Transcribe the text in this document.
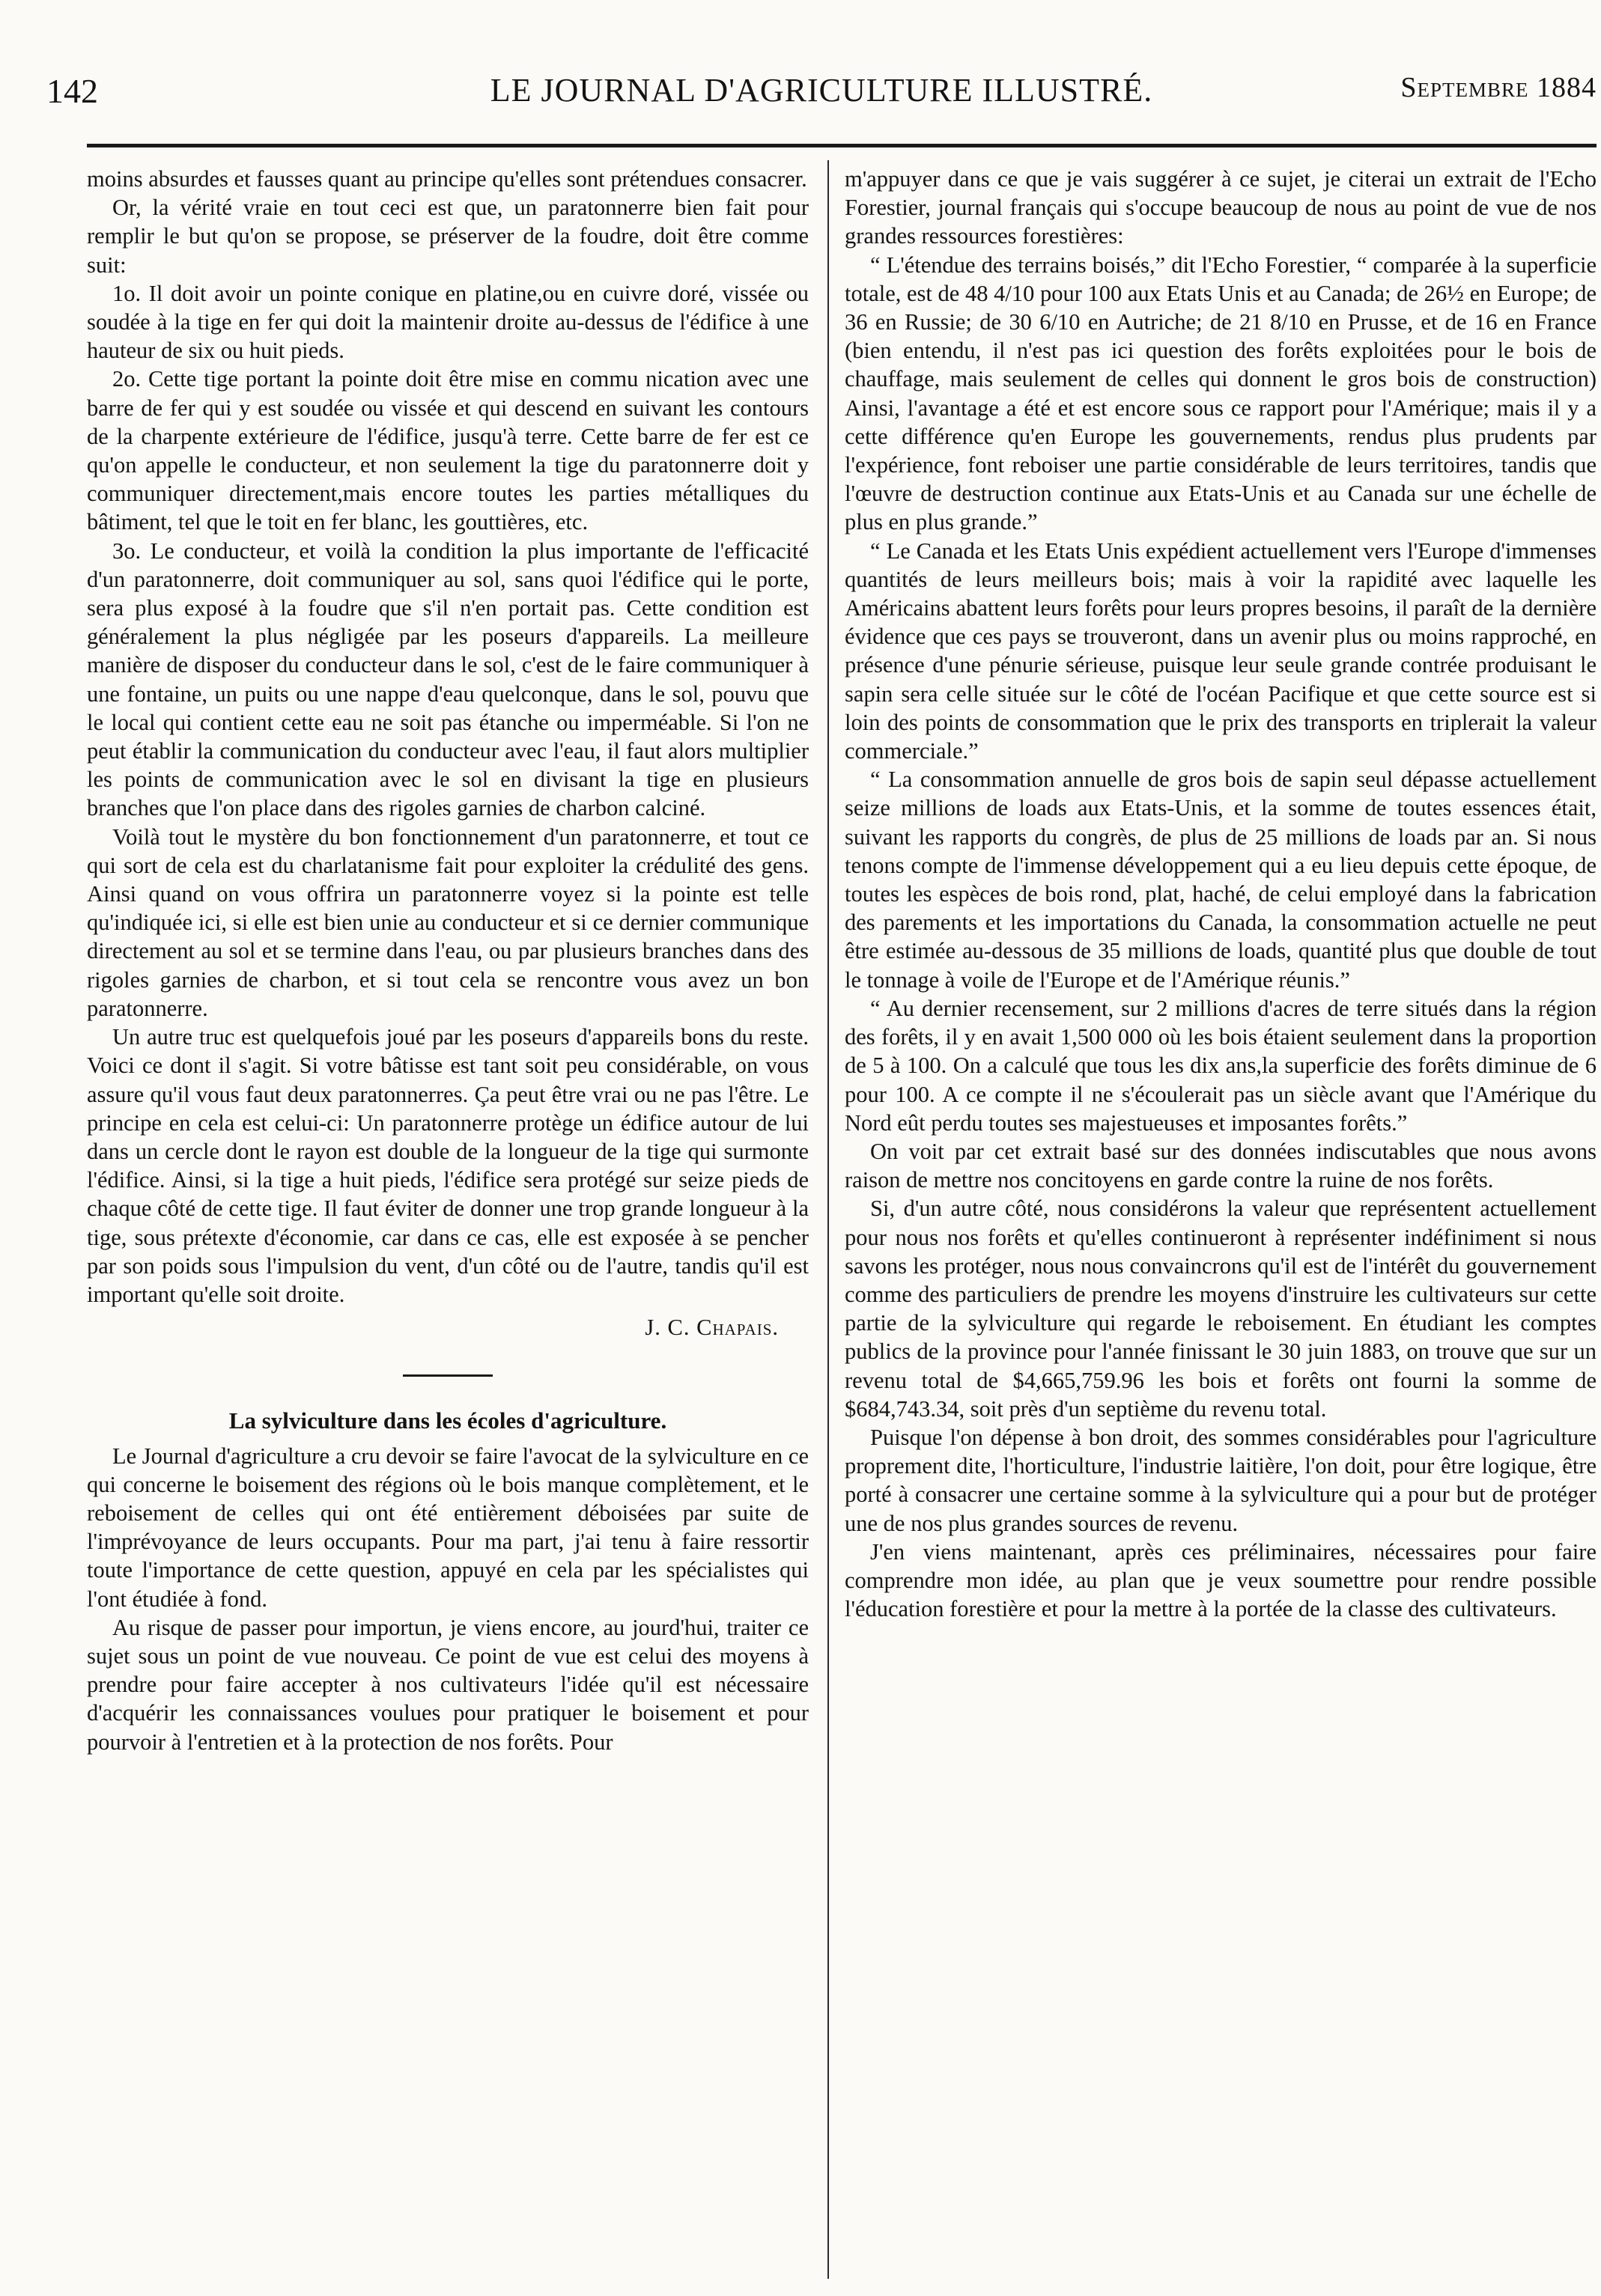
142	LE JOURNAL D'AGRICULTURE ILLUSTRÉ.	Septembre 1884

moins absurdes et fausses quant au principe qu'elles sont prétendues consacrer.

Or, la vérité vraie en tout ceci est que, un paratonnerre bien fait pour remplir le but qu'on se propose, se préserver de la foudre, doit être comme suit:

1o. Il doit avoir un pointe conique en platine,ou en cuivre doré, vissée ou soudée à la tige en fer qui doit la maintenir droite au-dessus de l'édifice à une hauteur de six ou huit pieds.

2o. Cette tige portant la pointe doit être mise en commu nication avec une barre de fer qui y est soudée ou vissée et qui descend en suivant les contours de la charpente extérieure de l'édifice, jusqu'à terre. Cette barre de fer est ce qu'on appelle le conducteur, et non seulement la tige du paratonnerre doit y communiquer directement,mais encore toutes les parties métalliques du bâtiment, tel que le toit en fer blanc, les gouttières, etc.

3o. Le conducteur, et voilà la condition la plus importante de l'efficacité d'un paratonnerre, doit communiquer au sol, sans quoi l'édifice qui le porte, sera plus exposé à la foudre que s'il n'en portait pas. Cette condition est généralement la plus négligée par les poseurs d'appareils. La meilleure manière de disposer du conducteur dans le sol, c'est de le faire communiquer à une fontaine, un puits ou une nappe d'eau quelconque, dans le sol, pouvu que le local qui contient cette eau ne soit pas étanche ou imperméable. Si l'on ne peut établir la communication du conducteur avec l'eau, il faut alors multiplier les points de communication avec le sol en divisant la tige en plusieurs branches que l'on place dans des rigoles garnies de charbon calciné.

Voilà tout le mystère du bon fonctionnement d'un paratonnerre, et tout ce qui sort de cela est du charlatanisme fait pour exploiter la crédulité des gens. Ainsi quand on vous offrira un paratonnerre voyez si la pointe est telle qu'indiquée ici, si elle est bien unie au conducteur et si ce dernier communique directement au sol et se termine dans l'eau, ou par plusieurs branches dans des rigoles garnies de charbon, et si tout cela se rencontre vous avez un bon paratonnerre.

Un autre truc est quelquefois joué par les poseurs d'appareils bons du reste. Voici ce dont il s'agit. Si votre bâtisse est tant soit peu considérable, on vous assure qu'il vous faut deux paratonnerres. Ça peut être vrai ou ne pas l'être. Le principe en cela est celui-ci: Un paratonnerre protège un édifice autour de lui dans un cercle dont le rayon est double de la longueur de la tige qui surmonte l'édifice. Ainsi, si la tige a huit pieds, l'édifice sera protégé sur seize pieds de chaque côté de cette tige. Il faut éviter de donner une trop grande longueur à la tige, sous prétexte d'économie, car dans ce cas, elle est exposée à se pencher par son poids sous l'impulsion du vent, d'un côté ou de l'autre, tandis qu'il est important qu'elle soit droite.

J. C. Chapais.
La sylviculture dans les écoles d'agriculture.

Le Journal d'agriculture a cru devoir se faire l'avocat de la sylviculture en ce qui concerne le boisement des régions où le bois manque complètement, et le reboisement de celles qui ont été entièrement déboisées par suite de l'imprévoyance de leurs occupants. Pour ma part, j'ai tenu à faire ressortir toute l'importance de cette question, appuyé en cela par les spécialistes qui l'ont étudiée à fond.

Au risque de passer pour importun, je viens encore, au jourd'hui, traiter ce sujet sous un point de vue nouveau. Ce point de vue est celui des moyens à prendre pour faire accepter à nos cultivateurs l'idée qu'il est nécessaire d'acquérir les connaissances voulues pour pratiquer le boisement et pour pourvoir à l'entretien et à la protection de nos forêts. Pour

m'appuyer dans ce que je vais suggérer à ce sujet, je citerai un extrait de l'Echo Forestier, journal français qui s'occupe beaucoup de nous au point de vue de nos grandes ressources forestières:

“ L'étendue des terrains boisés,” dit l'Echo Forestier, “ comparée à la superficie totale, est de 48 4/10 pour 100 aux Etats Unis et au Canada; de 26½ en Europe; de 36 en Russie; de 30 6/10 en Autriche; de 21 8/10 en Prusse, et de 16 en France (bien entendu, il n'est pas ici question des forêts exploitées pour le bois de chauffage, mais seulement de celles qui donnent le gros bois de construction) Ainsi, l'avantage a été et est encore sous ce rapport pour l'Amérique; mais il y a cette différence qu'en Europe les gouvernements, rendus plus prudents par l'expérience, font reboiser une partie considérable de leurs territoires, tandis que l'œuvre de destruction continue aux Etats-Unis et au Canada sur une échelle de plus en plus grande.”

“ Le Canada et les Etats Unis expédient actuellement vers l'Europe d'immenses quantités de leurs meilleurs bois; mais à voir la rapidité avec laquelle les Américains abattent leurs forêts pour leurs propres besoins, il paraît de la dernière évidence que ces pays se trouveront, dans un avenir plus ou moins rapproché, en présence d'une pénurie sérieuse, puisque leur seule grande contrée produisant le sapin sera celle située sur le côté de l'océan Pacifique et que cette source est si loin des points de consommation que le prix des transports en triplerait la valeur commerciale.”

“ La consommation annuelle de gros bois de sapin seul dépasse actuellement seize millions de loads aux Etats-Unis, et la somme de toutes essences était, suivant les rapports du congrès, de plus de 25 millions de loads par an. Si nous tenons compte de l'immense développement qui a eu lieu depuis cette époque, de toutes les espèces de bois rond, plat, haché, de celui employé dans la fabrication des parements et les importations du Canada, la consommation actuelle ne peut être estimée au-dessous de 35 millions de loads, quantité plus que double de tout le tonnage à voile de l'Europe et de l'Amérique réunis.”

“ Au dernier recensement, sur 2 millions d'acres de terre situés dans la région des forêts, il y en avait 1,500 000 où les bois étaient seulement dans la proportion de 5 à 100. On a calculé que tous les dix ans,la superficie des forêts diminue de 6 pour 100. A ce compte il ne s'écoulerait pas un siècle avant que l'Amérique du Nord eût perdu toutes ses majestueuses et imposantes forêts.”

On voit par cet extrait basé sur des données indiscutables que nous avons raison de mettre nos concitoyens en garde contre la ruine de nos forêts.

Si, d'un autre côté, nous considérons la valeur que représentent actuellement pour nous nos forêts et qu'elles continueront à représenter indéfiniment si nous savons les protéger, nous nous convaincrons qu'il est de l'intérêt du gouvernement comme des particuliers de prendre les moyens d'instruire les cultivateurs sur cette partie de la sylviculture qui regarde le reboisement. En étudiant les comptes publics de la province pour l'année finissant le 30 juin 1883, on trouve que sur un revenu total de $4,665,759.96 les bois et forêts ont fourni la somme de $684,743.34, soit près d'un septième du revenu total.

Puisque l'on dépense à bon droit, des sommes considérables pour l'agriculture proprement dite, l'horticulture, l'industrie laitière, l'on doit, pour être logique, être porté à consacrer une certaine somme à la sylviculture qui a pour but de protéger une de nos plus grandes sources de revenu.

J'en viens maintenant, après ces préliminaires, nécessaires pour faire comprendre mon idée, au plan que je veux soumettre pour rendre possible l'éducation forestière et pour la mettre à la portée de la classe des cultivateurs.
